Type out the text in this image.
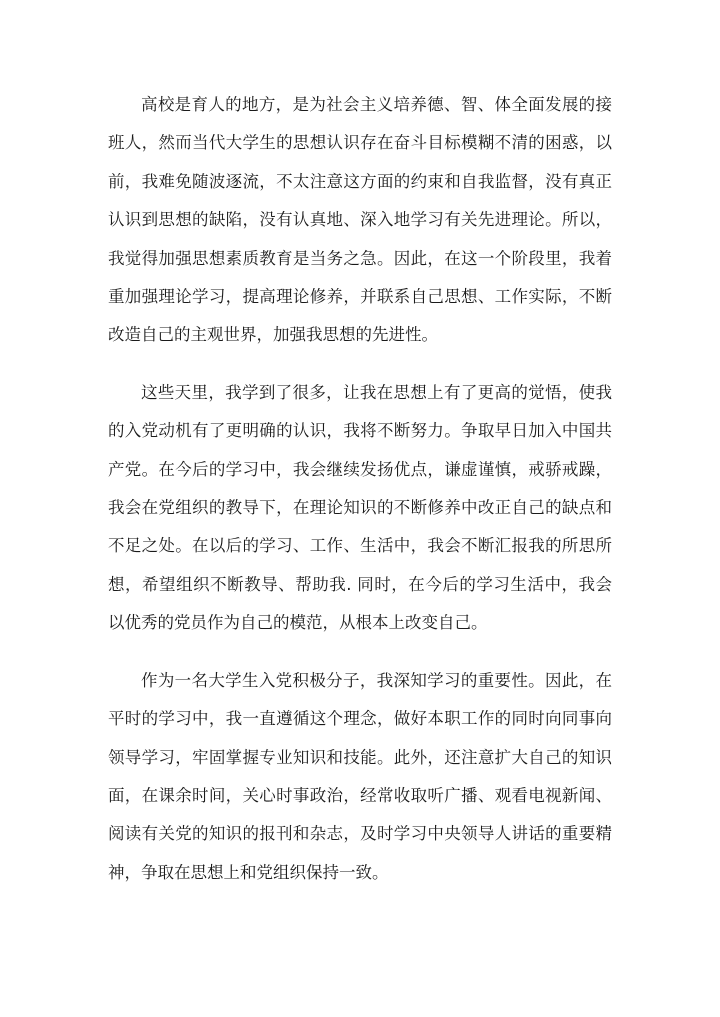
高校是育人的地方，是为社会主义培养德、智、体全面发展的接班人，然而当代大学生的思想认识存在奋斗目标模糊不清的困惑，以前，我难免随波逐流，不太注意这方面的约束和自我监督，没有真正认识到思想的缺陷，没有认真地、深入地学习有关先进理论。所以，我觉得加强思想素质教育是当务之急。因此，在这一个阶段里，我着重加强理论学习，提高理论修养，并联系自己思想、工作实际，不断改造自己的主观世界，加强我思想的先进性。

这些天里，我学到了很多，让我在思想上有了更高的觉悟，使我的入党动机有了更明确的认识，我将不断努力。争取早日加入中国共产党。在今后的学习中，我会继续发扬优点，谦虚谨慎，戒骄戒躁，我会在党组织的教导下，在理论知识的不断修养中改正自己的缺点和不足之处。在以后的学习、工作、生活中，我会不断汇报我的所思所想，希望组织不断教导、帮助我. 同时，在今后的学习生活中，我会以优秀的党员作为自己的模范，从根本上改变自己。

作为一名大学生入党积极分子，我深知学习的重要性。因此，在平时的学习中，我一直遵循这个理念，做好本职工作的同时向同事向领导学习，牢固掌握专业知识和技能。此外，还注意扩大自己的知识面，在课余时间，关心时事政治，经常收取听广播、观看电视新闻、阅读有关党的知识的报刊和杂志，及时学习中央领导人讲话的重要精神，争取在思想上和党组织保持一致。
